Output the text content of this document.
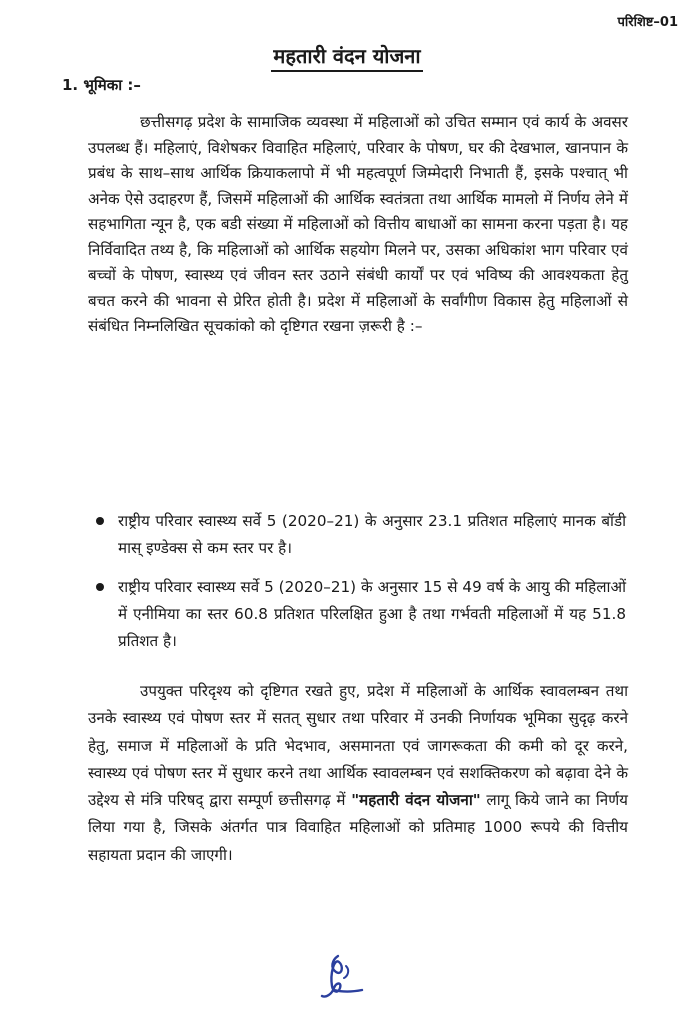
परिशिष्ट–01
महतारी वंदन योजना
1. भूमिका :–

छत्तीसगढ़ प्रदेश के सामाजिक व्यवस्था में महिलाओं को उचित सम्मान एवं कार्य के अवसर उपलब्ध हैं। महिलाएं, विशेषकर विवाहित महिलाएं, परिवार के पोषण, घर की देखभाल, खानपान के प्रबंध के साथ–साथ आर्थिक क्रियाकलापो में भी महत्वपूर्ण जिम्मेदारी निभाती हैं, इसके पश्चात् भी अनेक ऐसे उदाहरण हैं, जिसमें महिलाओं की आर्थिक स्वतंत्रता तथा आर्थिक मामलो में निर्णय लेने में सहभागिता न्यून है, एक बडी संख्या में महिलाओं को वित्तीय बाधाओं का सामना करना पड़ता है। यह निर्विवादित तथ्य है, कि महिलाओं को आर्थिक सहयोग मिलने पर, उसका अधिकांश भाग परिवार एवं बच्चों के पोषण, स्वास्थ्य एवं जीवन स्तर उठाने संबंधी कार्यों पर एवं भविष्य की आवश्यकता हेतु बचत करने की भावना से प्रेरित होती है। प्रदेश में महिलाओं के सर्वांगीण विकास हेतु महिलाओं से संबंधित निम्नलिखित सूचकांको को दृष्टिगत रखना ज़रूरी है :–

राष्ट्रीय परिवार स्वास्थ्य सर्वे 5 (2020–21) के अनुसार 23.1 प्रतिशत महिलाएं मानक बॉडी मास् इण्डेक्स से कम स्तर पर है।
राष्ट्रीय परिवार स्वास्थ्य सर्वे 5 (2020–21) के अनुसार 15 से 49 वर्ष के आयु की महिलाओं में एनीमिया का स्तर 60.8 प्रतिशत परिलक्षित हुआ है तथा गर्भवती महिलाओं में यह 51.8 प्रतिशत है।

उपयुक्त परिदृश्य को दृष्टिगत रखते हुए, प्रदेश में महिलाओं के आर्थिक स्वावलम्बन तथा उनके स्वास्थ्य एवं पोषण स्तर में सतत् सुधार तथा परिवार में उनकी निर्णायक भूमिका सुदृढ़ करने हेतु, समाज में महिलाओं के प्रति भेदभाव, असमानता एवं जागरूकता की कमी को दूर करने, स्वास्थ्य एवं पोषण स्तर में सुधार करने तथा आर्थिक स्वावलम्बन एवं सशक्तिकरण को बढ़ावा देने के उद्देश्य से मंत्रि परिषद् द्वारा सम्पूर्ण छत्तीसगढ़ में "महतारी वंदन योजना" लागू किये जाने का निर्णय लिया गया है, जिसके अंतर्गत पात्र विवाहित महिलाओं को प्रतिमाह 1000 रूपये की वित्तीय सहायता प्रदान की जाएगी।
